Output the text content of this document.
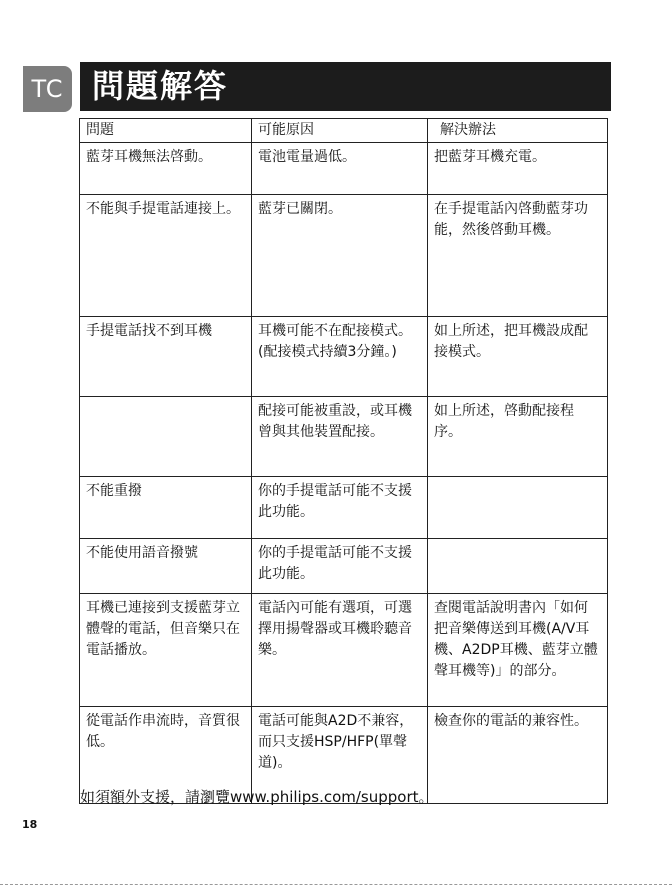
TC 問題解答
問題	可能原因	解決辦法
藍芽耳機無法啓動。	電池電量過低。	把藍芽耳機充電。
不能與手提電話連接上。	藍芽已關閉。	在手提電話內啓動藍芽功能，然後啓動耳機。
手提電話找不到耳機	耳機可能不在配接模式。(配接模式持續3分鐘。)	如上所述，把耳機設成配接模式。
	配接可能被重設，或耳機曾與其他裝置配接。	如上所述，啓動配接程序。
不能重撥	你的手提電話可能不支援此功能。	
不能使用語音撥號	你的手提電話可能不支援此功能。	
耳機已連接到支援藍芽立體聲的電話，但音樂只在電話播放。	電話內可能有選項，可選擇用揚聲器或耳機聆聽音樂。	查閱電話說明書內「如何把音樂傳送到耳機(A/V耳機、A2DP耳機、藍芽立體聲耳機等)」的部分。
從電話作串流時，音質很低。	電話可能與A2D不兼容，而只支援HSP/HFP(單聲道)。	檢查你的電話的兼容性。
如須額外支援，請瀏覽www.philips.com/support。
18
